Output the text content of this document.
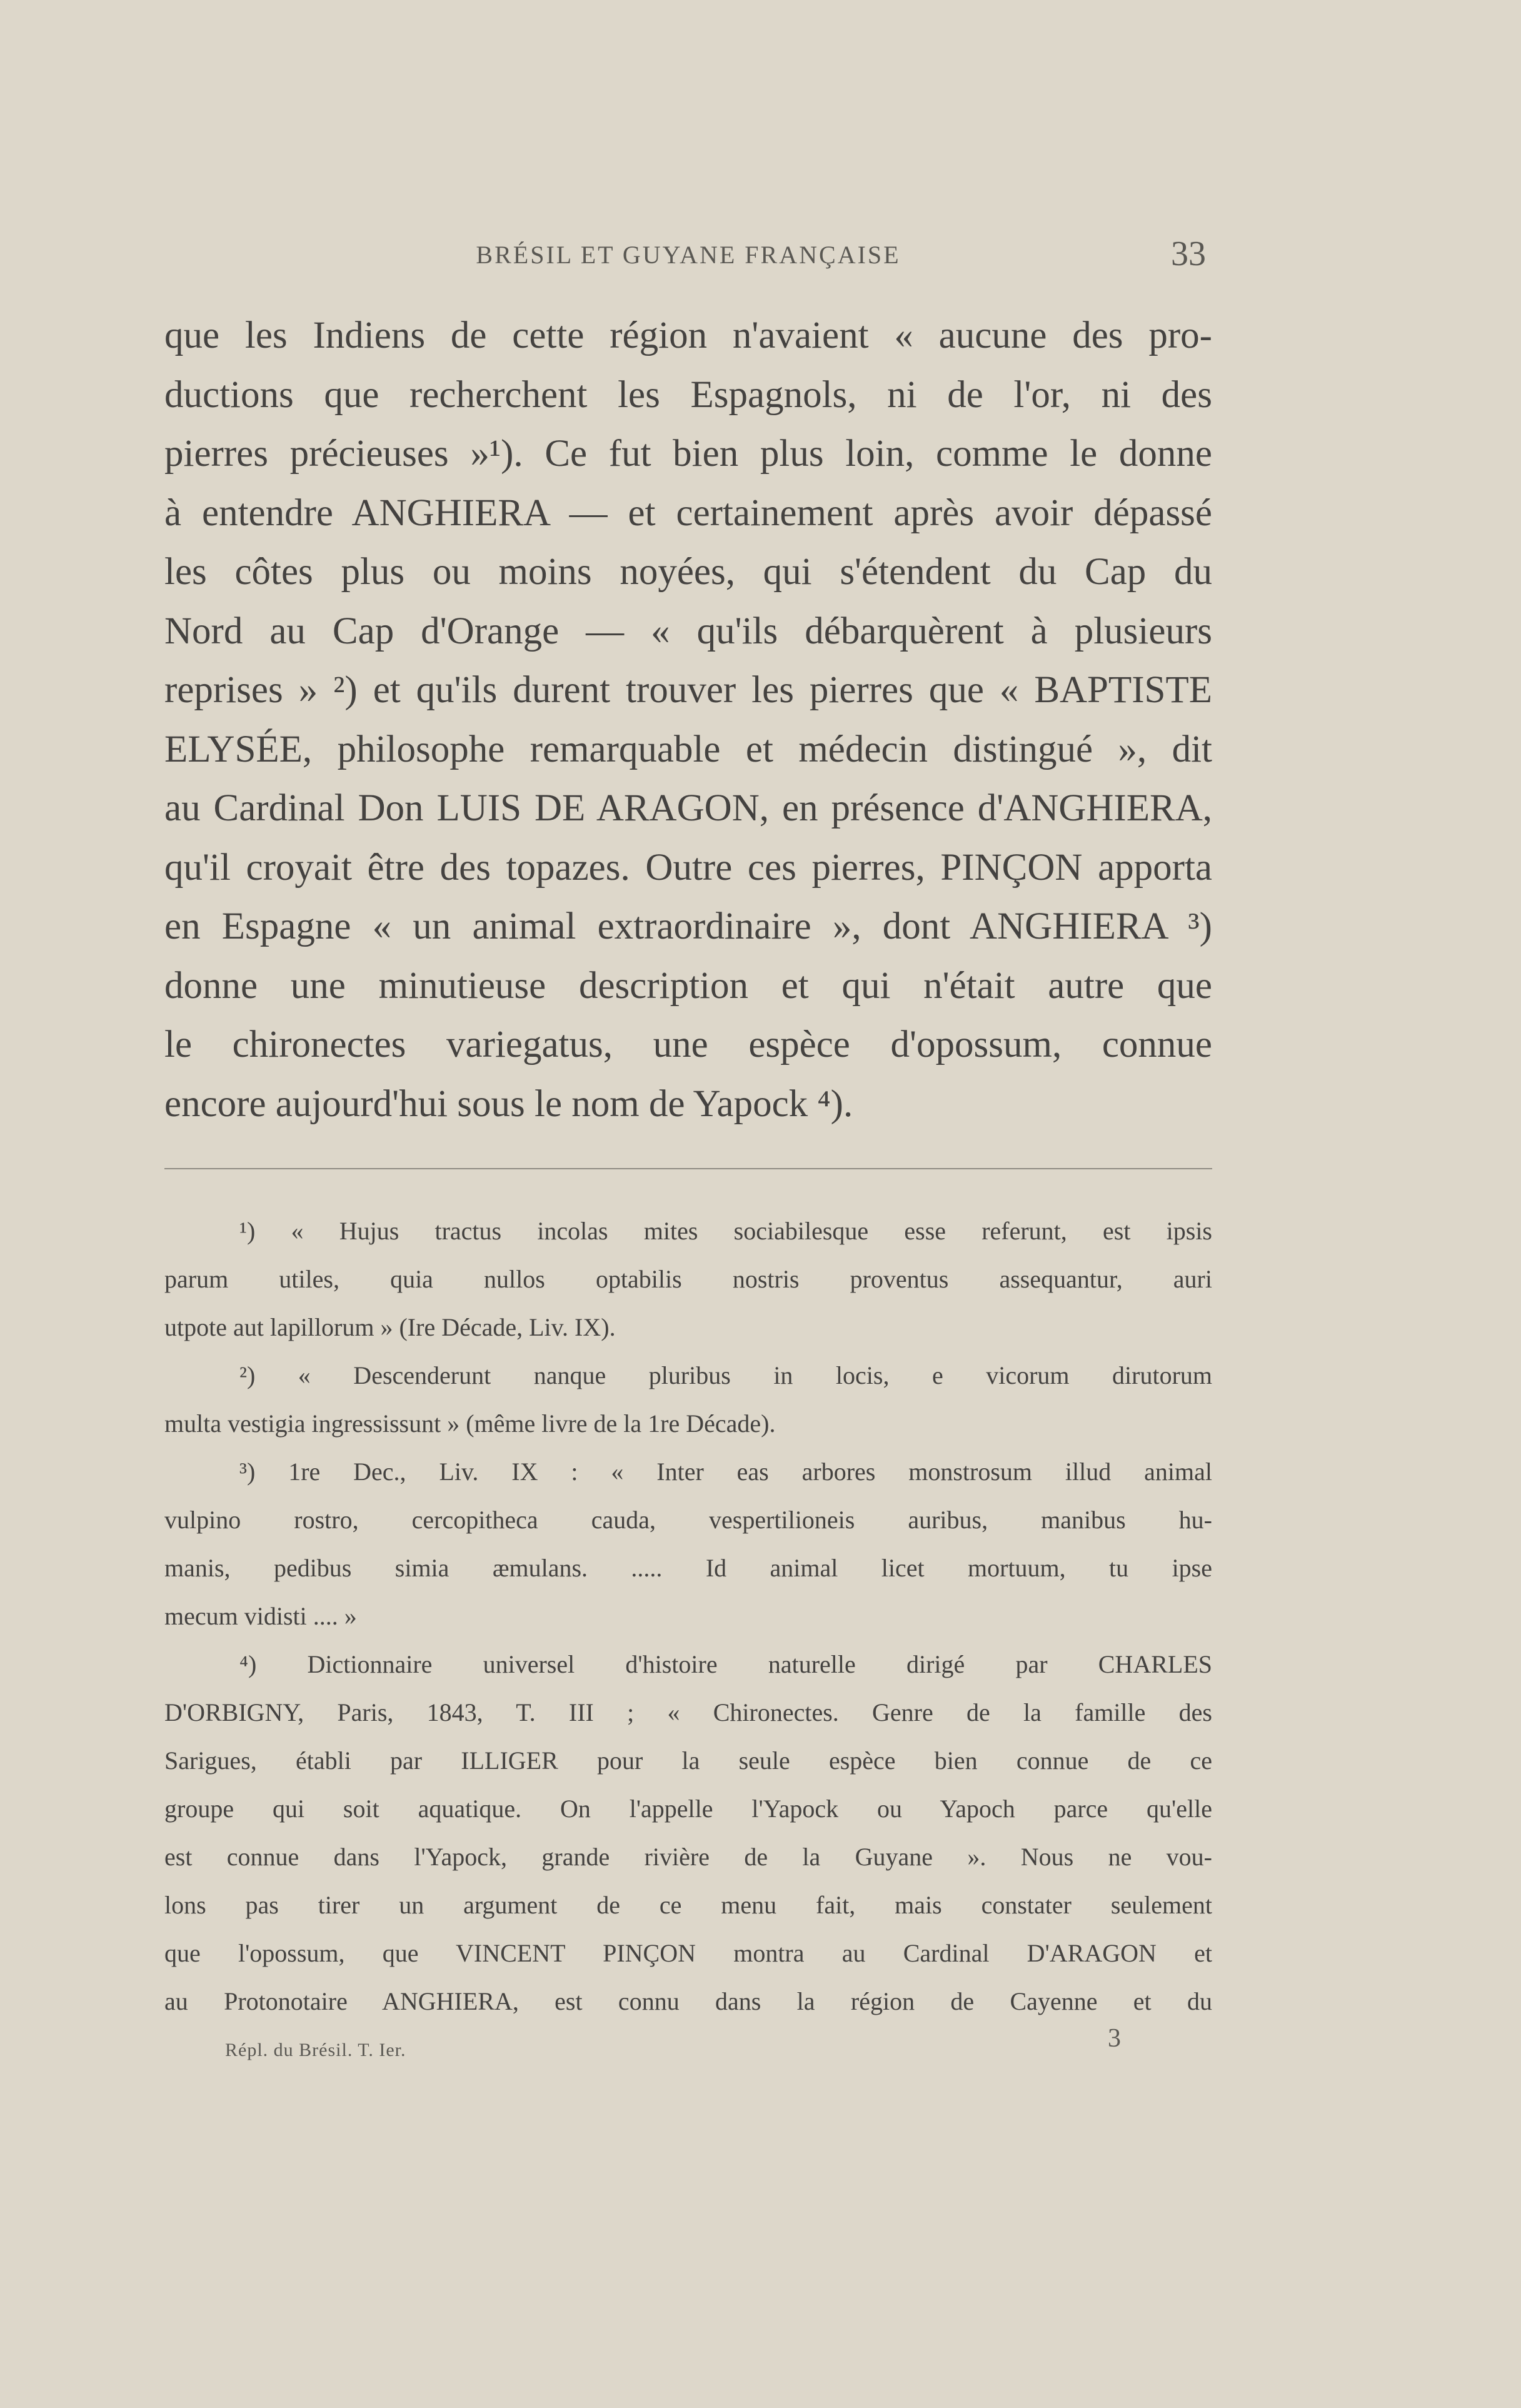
BRÉSIL ET GUYANE FRANÇAISE	33
que les Indiens de cette région n'avaient « aucune des pro-
ductions que recherchent les Espagnols, ni de l'or, ni des
pierres précieuses »¹). Ce fut bien plus loin, comme le donne
à entendre ANGHIERA — et certainement après avoir dépassé
les côtes plus ou moins noyées, qui s'étendent du Cap du
Nord au Cap d'Orange — « qu'ils débarquèrent à plusieurs
reprises » ²) et qu'ils durent trouver les pierres que « BAPTISTE
ELYSÉE, philosophe remarquable et médecin distingué », dit
au Cardinal Don LUIS DE ARAGON, en présence d'ANGHIERA,
qu'il croyait être des topazes. Outre ces pierres, PINÇON apporta
en Espagne « un animal extraordinaire », dont ANGHIERA ³)
donne une minutieuse description et qui n'était autre que
le chironectes variegatus, une espèce d'opossum, connue
encore aujourd'hui sous le nom de Yapock ⁴).
¹) « Hujus tractus incolas mites sociabilesque esse referunt, est ipsis
parum utiles, quia nullos optabilis nostris proventus assequantur, auri
utpote aut lapillorum » (Ire Décade, Liv. IX).
²) « Descenderunt nanque pluribus in locis, e vicorum dirutorum
multa vestigia ingressissunt » (même livre de la 1re Décade).
³) 1re Dec., Liv. IX : « Inter eas arbores monstrosum illud animal
vulpino rostro, cercopitheca cauda, vespertilioneis auribus, manibus hu-
manis, pedibus simia æmulans. ..... Id animal licet mortuum, tu ipse
mecum vidisti .... »
⁴) Dictionnaire universel d'histoire naturelle dirigé par CHARLES
D'ORBIGNY, Paris, 1843, T. III ; « Chironectes. Genre de la famille des
Sarigues, établi par ILLIGER pour la seule espèce bien connue de ce
groupe qui soit aquatique. On l'appelle l'Yapock ou Yapoch parce qu'elle
est connue dans l'Yapock, grande rivière de la Guyane ». Nous ne vou-
lons pas tirer un argument de ce menu fait, mais constater seulement
que l'opossum, que VINCENT PINÇON montra au Cardinal D'ARAGON et
au Protonotaire ANGHIERA, est connu dans la région de Cayenne et du
Répl. du Brésil. T. Ier.	3
